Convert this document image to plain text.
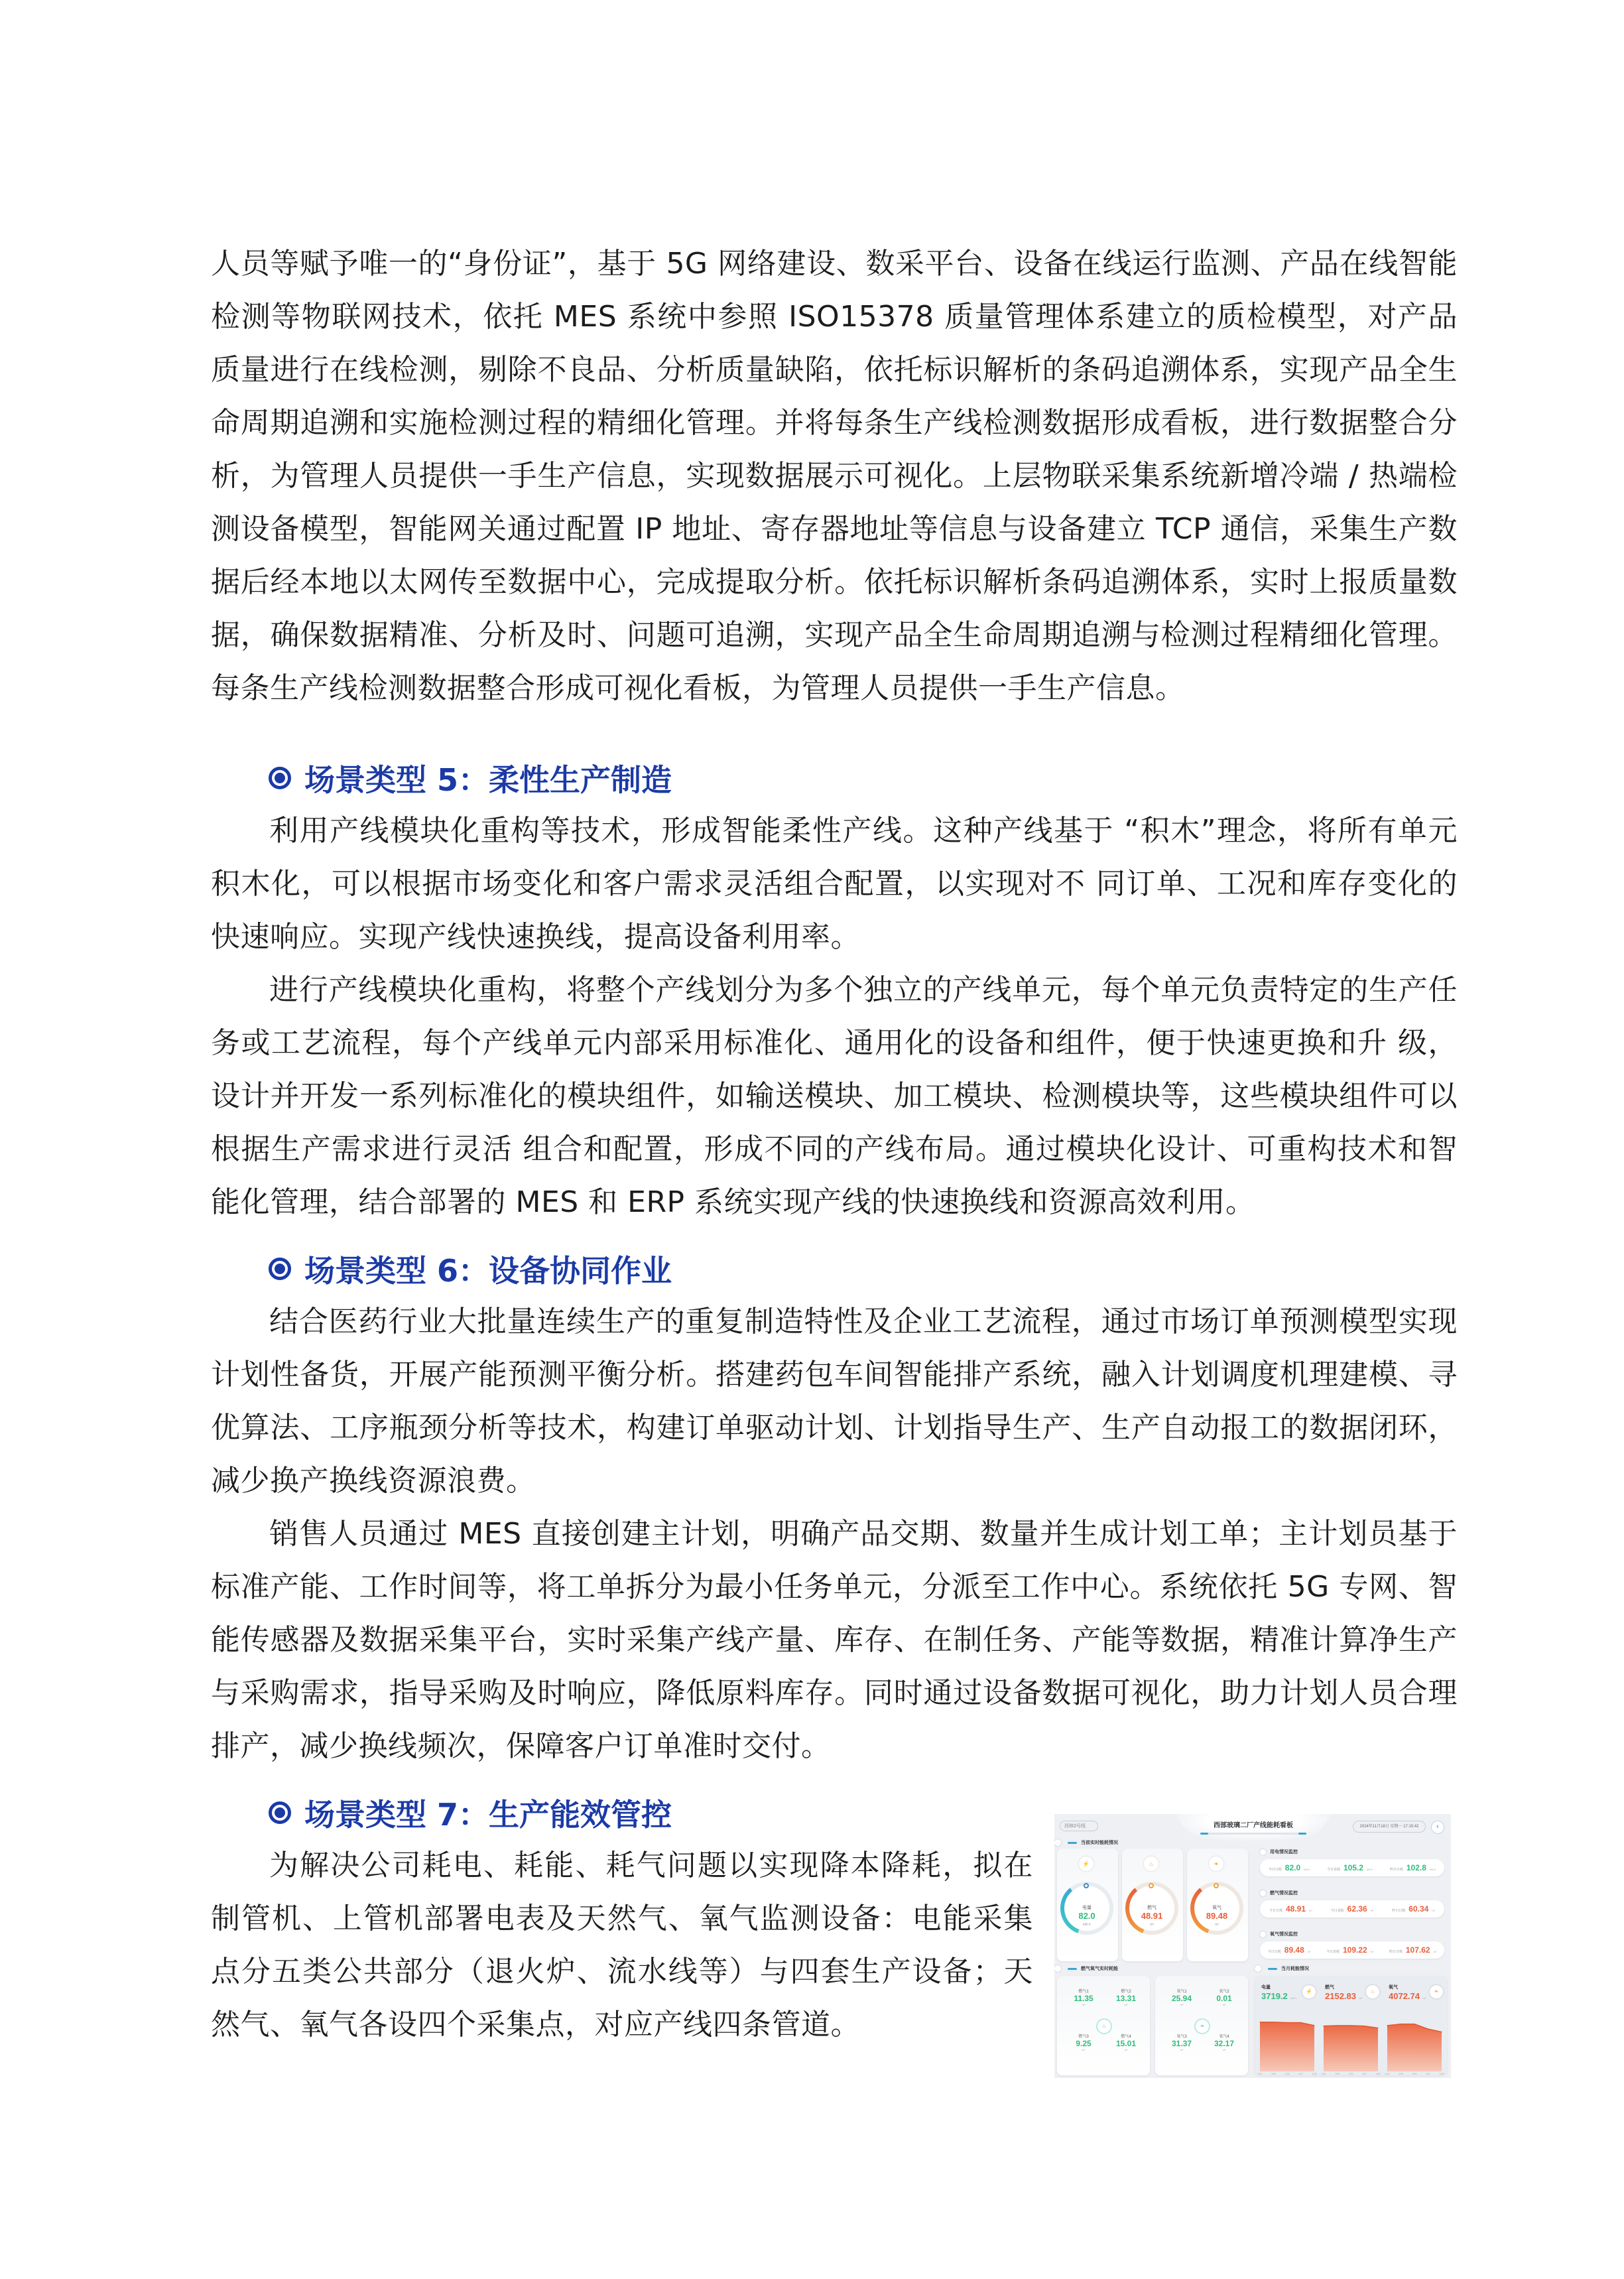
人员等赋予唯一的“身份证”，基于 5G 网络建设、数采平台、设备在线运行监测、产品在线智能检测等物联网技术，依托 MES 系统中参照 ISO15378 质量管理体系建立的质检模型，对产品质量进行在线检测，剔除不良品、分析质量缺陷，依托标识解析的条码追溯体系，实现产品全生命周期追溯和实施检测过程的精细化管理。并将每条生产线检测数据形成看板，进行数据整合分析，为管理人员提供一手生产信息，实现数据展示可视化。上层物联采集系统新增冷端 / 热端检测设备模型，智能网关通过配置 IP 地址、寄存器地址等信息与设备建立 TCP 通信，采集生产数据后经本地以太网传至数据中心，完成提取分析。依托标识解析条码追溯体系，实时上报质量数据，确保数据精准、分析及时、问题可追溯，实现产品全生命周期追溯与检测过程精细化管理。每条生产线检测数据整合形成可视化看板，为管理人员提供一手生产信息。

场景类型 5：柔性生产制造

利用产线模块化重构等技术，形成智能柔性产线。这种产线基于 “积木”理念，将所有单元积木化，可以根据市场变化和客户需求灵活组合配置，以实现对不 同订单、工况和库存变化的快速响应。实现产线快速换线，提高设备利用率。

进行产线模块化重构，将整个产线划分为多个独立的产线单元，每个单元负责特定的生产任务或工艺流程，每个产线单元内部采用标准化、通用化的设备和组件，便于快速更换和升 级，设计并开发一系列标准化的模块组件，如输送模块、加工模块、检测模块等，这些模块组件可以根据生产需求进行灵活 组合和配置，形成不同的产线布局。通过模块化设计、可重构技术和智能化管理，结合部署的 MES 和 ERP 系统实现产线的快速换线和资源高效利用。

场景类型 6：设备协同作业

结合医药行业大批量连续生产的重复制造特性及企业工艺流程，通过市场订单预测模型实现计划性备货，开展产能预测平衡分析。搭建药包车间智能排产系统，融入计划调度机理建模、寻优算法、工序瓶颈分析等技术，构建订单驱动计划、计划指导生产、生产自动报工的数据闭环，减少换产换线资源浪费。

销售人员通过 MES 直接创建主计划，明确产品交期、数量并生成计划工单；主计划员基于标准产能、工作时间等，将工单拆分为最小任务单元，分派至工作中心。系统依托 5G 专网、智能传感器及数据采集平台，实时采集产线产量、库存、在制任务、产能等数据，精准计算净生产与采购需求，指导采购及时响应，降低原料库存。同时通过设备数据可视化，助力计划人员合理排产，减少换线频次，保障客户订单准时交付。

场景类型 7：生产能效管控

为解决公司耗电、耗能、耗气问题以实现降本降耗，拟在制管机、上管机部署电表及天然气、氧气监测设备：电能采集点分五类公共部分（退火炉、流水线等）与四套生产设备；天然气、氧气各设四个采集点，对应产线四条管道。

西林2号线	西部玻璃二厂产线能耗看板	2024年11月18日 星期一 17:15:42	‹
当前实时能耗情况
⚡
电量
82.0
kW·h
♨
燃气
48.91
m³
❧
氧气
89.48
m³
用电情况监控
今日日耗 82.0 kW·h	今日表耗 105.2 kW·h	昨日日耗 102.8 kW·h
燃气情况监控
今日日耗 48.91 m³	今日表耗 62.36 m³	昨日日耗 60.34 m³
氧气情况监控
今日日耗 89.48 m³	今日表耗 109.22 m³	昨日日耗 107.62 m³
燃气氧气实时耗能
♨	❧
燃气1
11.35
m³
燃气2
13.31
m³
燃气3
9.25
m³
燃气4
15.01
m³
氧气1
25.94
m³
氧气2
0.01
m³
氧气3
31.37
m³
氧气4
32.17
m³
当月耗能情况
电量
3719.2 kW·h
⚡
燃气
2152.83 m³
♨
氧气
4072.74 m³
❧
12/4	12/5	12/6	12/7	12/8 12/4	12/5	12/6	12/7	12/8 12/4	12/5	12/6	12/7	12/8
